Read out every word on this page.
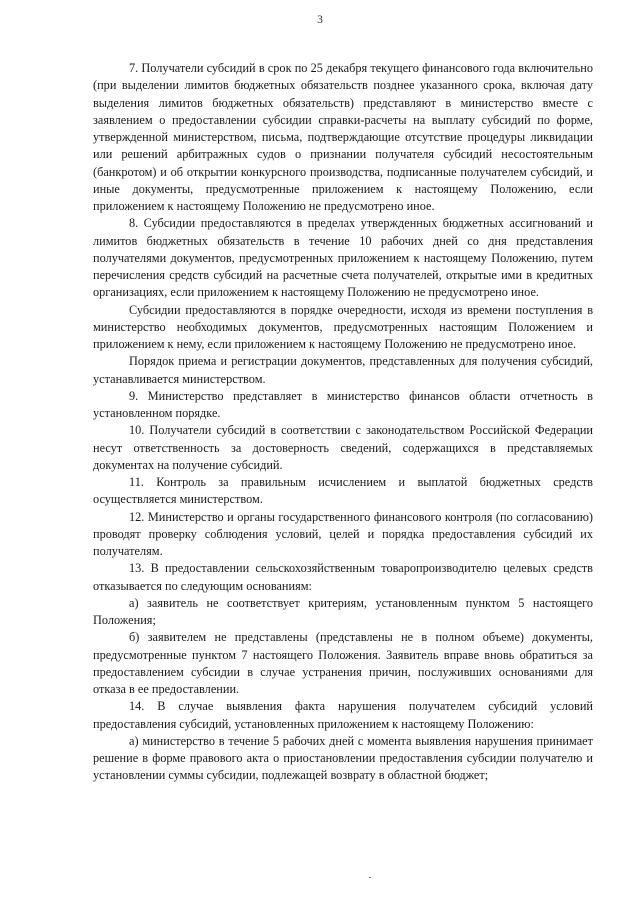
3

7. Получатели субсидий в срок по 25 декабря текущего финансового года включительно (при выделении лимитов бюджетных обязательств позднее указанного срока, включая дату выделения лимитов бюджетных обязательств) представляют в министерство вместе с заявлением о предоставлении субсидии справки-расчеты на выплату субсидий по форме, утвержденной министерством, письма, подтверждающие отсутствие процедуры ликвидации или решений арбитражных судов о признании получателя субсидий несостоятельным (банкротом) и об открытии конкурсного производства, подписанные получателем субсидий, и иные документы, предусмотренные приложением к настоящему Положению, если приложением к настоящему Положению не предусмотрено иное.

8. Субсидии предоставляются в пределах утвержденных бюджетных ассигнований и лимитов бюджетных обязательств в течение 10 рабочих дней со дня представления получателями документов, предусмотренных приложением к настоящему Положению, путем перечисления средств субсидий на расчетные счета получателей, открытые ими в кредитных организациях, если приложением к настоящему Положению не предусмотрено иное.

Субсидии предоставляются в порядке очередности, исходя из времени поступления в министерство необходимых документов, предусмотренных настоящим Положением и приложением к нему, если приложением к настоящему Положению не предусмотрено иное.

Порядок приема и регистрации документов, представленных для получения субсидий, устанавливается министерством.

9. Министерство представляет в министерство финансов области отчетность в установленном порядке.

10. Получатели субсидий в соответствии с законодательством Российской Федерации несут ответственность за достоверность сведений, содержащихся в представляемых документах на получение субсидий.

11. Контроль за правильным исчислением и выплатой бюджетных средств осуществляется министерством.

12. Министерство и органы государственного финансового контроля (по согласованию) проводят проверку соблюдения условий, целей и порядка предоставления субсидий их получателям.

13. В предоставлении сельскохозяйственным товаропроизводителю целевых средств отказывается по следующим основаниям:

а) заявитель не соответствует критериям, установленным пунктом 5 настоящего Положения;

б) заявителем не представлены (представлены не в полном объеме) документы, предусмотренные пунктом 7 настоящего Положения. Заявитель вправе вновь обратиться за предоставлением субсидии в случае устранения причин, послуживших основаниями для отказа в ее предоставлении.

14. В случае выявления факта нарушения получателем субсидий условий предоставления субсидий, установленных приложением к настоящему Положению:

а) министерство в течение 5 рабочих дней с момента выявления нарушения принимает решение в форме правового акта о приостановлении предоставления субсидии получателю и установлении суммы субсидии, подлежащей возврату в областной бюджет;
